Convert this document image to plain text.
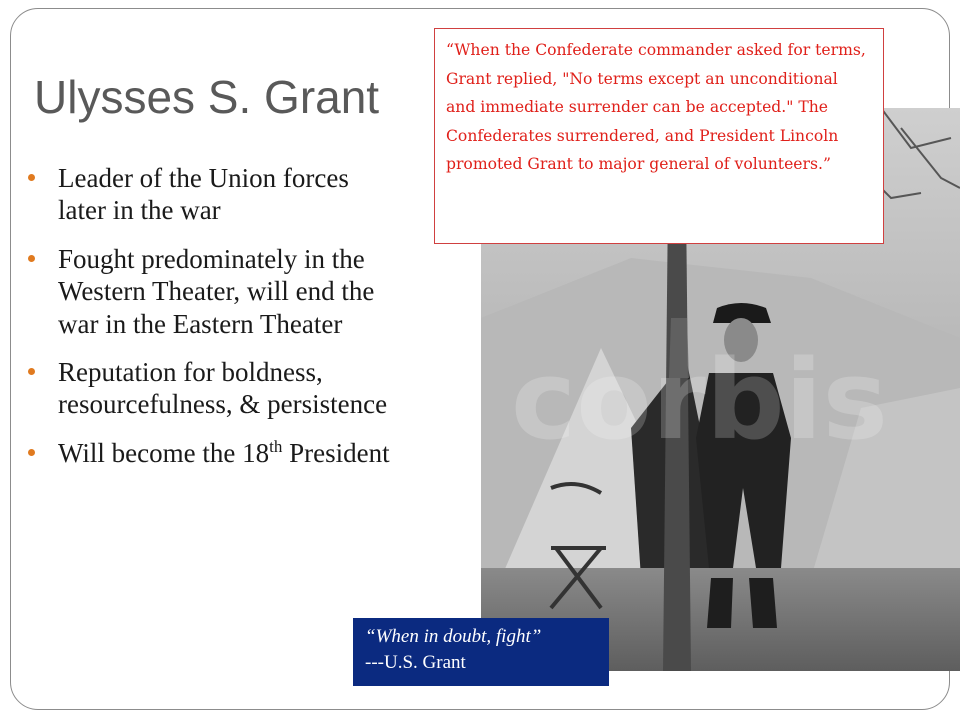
Ulysses S. Grant
Leader of the Union forces later in the war
Fought predominately in the Western Theater, will end the war in the Eastern Theater
Reputation for boldness, resourcefulness, & persistence
Will become the 18th President corbis
“When the Confederate commander asked for terms, Grant replied, "No terms except an unconditional and immediate surrender can be accepted." The Confederates surrendered, and President Lincoln promoted Grant to major general of volunteers.”
“When in doubt, fight”
---U.S. Grant
